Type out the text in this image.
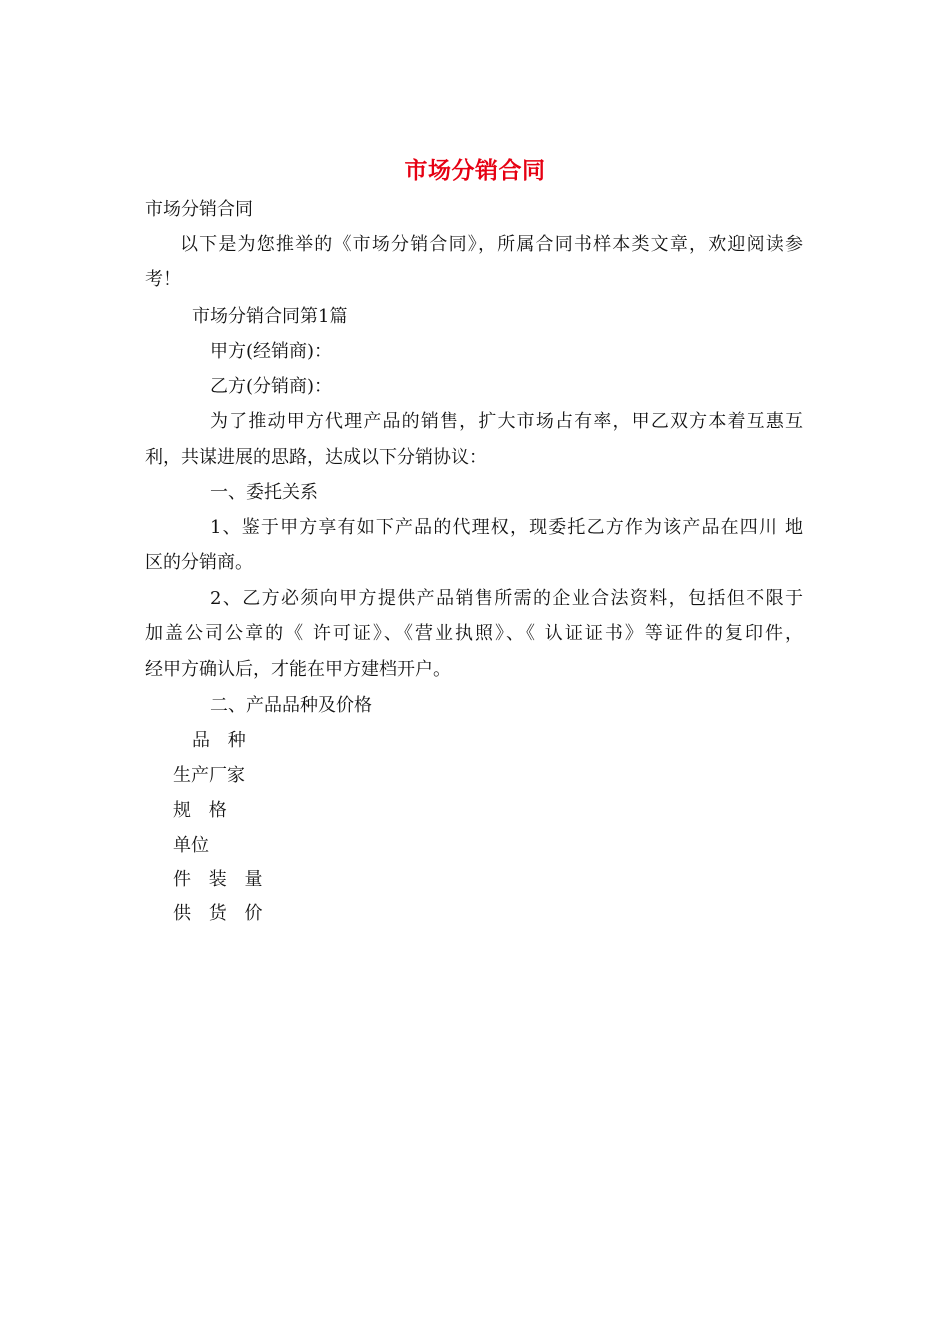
市场分销合同

市场分销合同

以下是为您推举的《市场分销合同》，所属合同书样本类文章，欢迎阅读参

考！

市场分销合同第1篇

甲方(经销商)：

乙方(分销商)：

为了推动甲方代理产品的销售，扩大市场占有率，甲乙双方本着互惠互

利，共谋进展的思路，达成以下分销协议：

一、委托关系

1、鉴于甲方享有如下产品的代理权，现委托乙方作为该产品在四川 地

区的分销商。

2、乙方必须向甲方提供产品销售所需的企业合法资料，包括但不限于

加盖公司公章的《 许可证》、《营业执照》、《 认证证书》等证件的复印件，

经甲方确认后，才能在甲方建档开户。

二、产品品种及价格

品 种

生产厂家

规 格

单位

件 装 量

供 货 价
